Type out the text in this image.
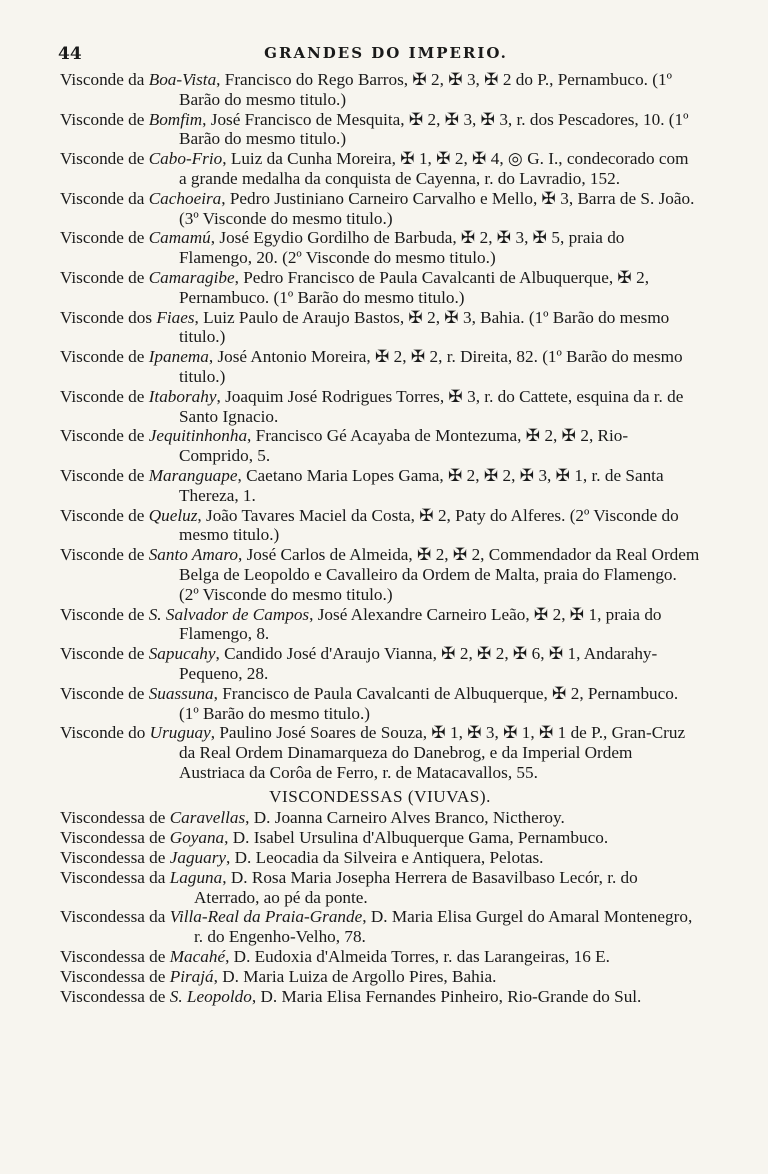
44	GRANDES DO IMPERIO.

Visconde da Boa-Vista, Francisco do Rego Barros, ✠ 2, ✠ 3, ✠ 2 do P., Pernambuco. (1º Barão do mesmo titulo.)

Visconde de Bomfim, José Francisco de Mesquita, ✠ 2, ✠ 3, ✠ 3, r. dos Pescadores, 10. (1º Barão do mesmo titulo.)

Visconde de Cabo-Frio, Luiz da Cunha Moreira, ✠ 1, ✠ 2, ✠ 4, ◎ G. I., condecorado com a grande medalha da conquista de Cayenna, r. do Lavradio, 152.

Visconde da Cachoeira, Pedro Justiniano Carneiro Carvalho e Mello, ✠ 3, Barra de S. João. (3º Visconde do mesmo titulo.)

Visconde de Camamú, José Egydio Gordilho de Barbuda, ✠ 2, ✠ 3, ✠ 5, praia do Flamengo, 20. (2º Visconde do mesmo titulo.)

Visconde de Camaragibe, Pedro Francisco de Paula Cavalcanti de Albuquerque, ✠ 2, Pernambuco. (1º Barão do mesmo titulo.)

Visconde dos Fiaes, Luiz Paulo de Araujo Bastos, ✠ 2, ✠ 3, Bahia. (1º Barão do mesmo titulo.)

Visconde de Ipanema, José Antonio Moreira, ✠ 2, ✠ 2, r. Direita, 82. (1º Barão do mesmo titulo.)

Visconde de Itaborahy, Joaquim José Rodrigues Torres, ✠ 3, r. do Cattete, esquina da r. de Santo Ignacio.

Visconde de Jequitinhonha, Francisco Gé Acayaba de Montezuma, ✠ 2, ✠ 2, Rio-Comprido, 5.

Visconde de Maranguape, Caetano Maria Lopes Gama, ✠ 2, ✠ 2, ✠ 3, ✠ 1, r. de Santa Thereza, 1.

Visconde de Queluz, João Tavares Maciel da Costa, ✠ 2, Paty do Alferes. (2º Visconde do mesmo titulo.)

Visconde de Santo Amaro, José Carlos de Almeida, ✠ 2, ✠ 2, Commendador da Real Ordem Belga de Leopoldo e Cavalleiro da Ordem de Malta, praia do Flamengo. (2º Visconde do mesmo titulo.)

Visconde de S. Salvador de Campos, José Alexandre Carneiro Leão, ✠ 2, ✠ 1, praia do Flamengo, 8.

Visconde de Sapucahy, Candido José d'Araujo Vianna, ✠ 2, ✠ 2, ✠ 6, ✠ 1, Andarahy-Pequeno, 28.

Visconde de Suassuna, Francisco de Paula Cavalcanti de Albuquerque, ✠ 2, Pernambuco. (1º Barão do mesmo titulo.)

Visconde do Uruguay, Paulino José Soares de Souza, ✠ 1, ✠ 3, ✠ 1, ✠ 1 de P., Gran-Cruz da Real Ordem Dinamarqueza do Danebrog, e da Imperial Ordem Austriaca da Corôa de Ferro, r. de Matacavallos, 55.

VISCONDESSAS (VIUVAS).

Viscondessa de Caravellas, D. Joanna Carneiro Alves Branco, Nictheroy.

Viscondessa de Goyana, D. Isabel Ursulina d'Albuquerque Gama, Pernambuco.

Viscondessa de Jaguary, D. Leocadia da Silveira e Antiquera, Pelotas.

Viscondessa da Laguna, D. Rosa Maria Josepha Herrera de Basavilbaso Lecór, r. do Aterrado, ao pé da ponte.

Viscondessa da Villa-Real da Praia-Grande, D. Maria Elisa Gurgel do Amaral Montenegro, r. do Engenho-Velho, 78.

Viscondessa de Macahé, D. Eudoxia d'Almeida Torres, r. das Larangeiras, 16 E.

Viscondessa de Pirajá, D. Maria Luiza de Argollo Pires, Bahia.

Viscondessa de S. Leopoldo, D. Maria Elisa Fernandes Pinheiro, Rio-Grande do Sul.
